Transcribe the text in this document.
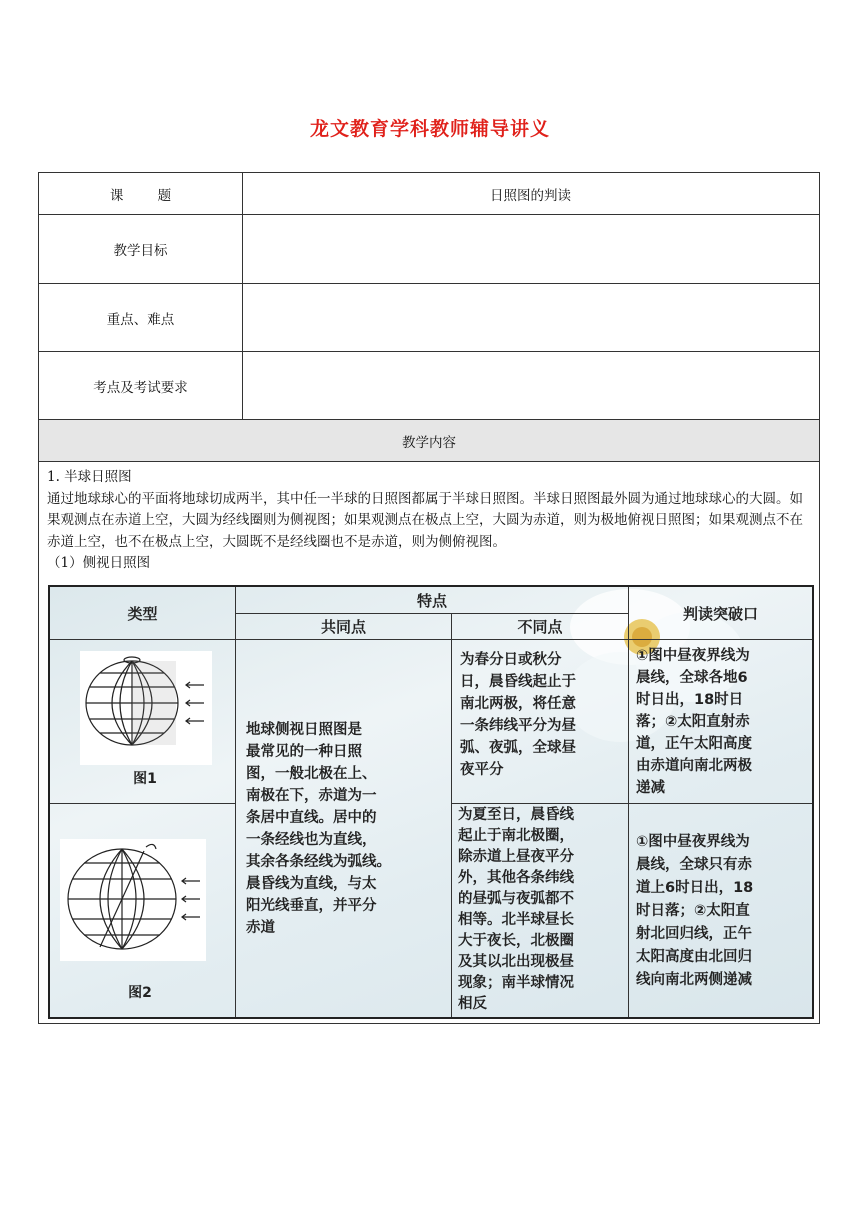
龙文教育学科教师辅导讲义
课        题	日照图的判读
教学目标
重点、难点
考点及考试要求
教学内容

1. 半球日照图

通过地球球心的平面将地球切成两半，其中任一半球的日照图都属于半球日照图。半球日照图最外圆为通过地球球心的大圆。如果观测点在赤道上空，大圆为经线圈则为侧视图；如果观测点在极点上空，大圆为赤道，则为极地俯视日照图；如果观测点不在赤道上空，也不在极点上空，大圆既不是经线圈也不是赤道，则为侧俯视图。

（1）侧视日照图

类型
特点
共同点	不同点
判读突破口
图1
图2
地球侧视日照图是
最常见的一种日照
图，一般北极在上、
南极在下，赤道为一
条居中直线。居中的
一条经线也为直线，
其余各条经线为弧线。
晨昏线为直线，与太
阳光线垂直，并平分
赤道
为春分日或秋分
日，晨昏线起止于
南北两极，将任意
一条纬线平分为昼
弧、夜弧，全球昼
夜平分
①图中昼夜界线为
晨线，全球各地6
时日出，18时日
落；②太阳直射赤
道，正午太阳高度
由赤道向南北两极
递减
为夏至日，晨昏线
起止于南北极圈，
除赤道上昼夜平分
外，其他各条纬线
的昼弧与夜弧都不
相等。北半球昼长
大于夜长，北极圈
及其以北出现极昼
现象；南半球情况
相反
①图中昼夜界线为
晨线，全球只有赤
道上6时日出，18
时日落；②太阳直
射北回归线，正午
太阳高度由北回归
线向南北两侧递减
